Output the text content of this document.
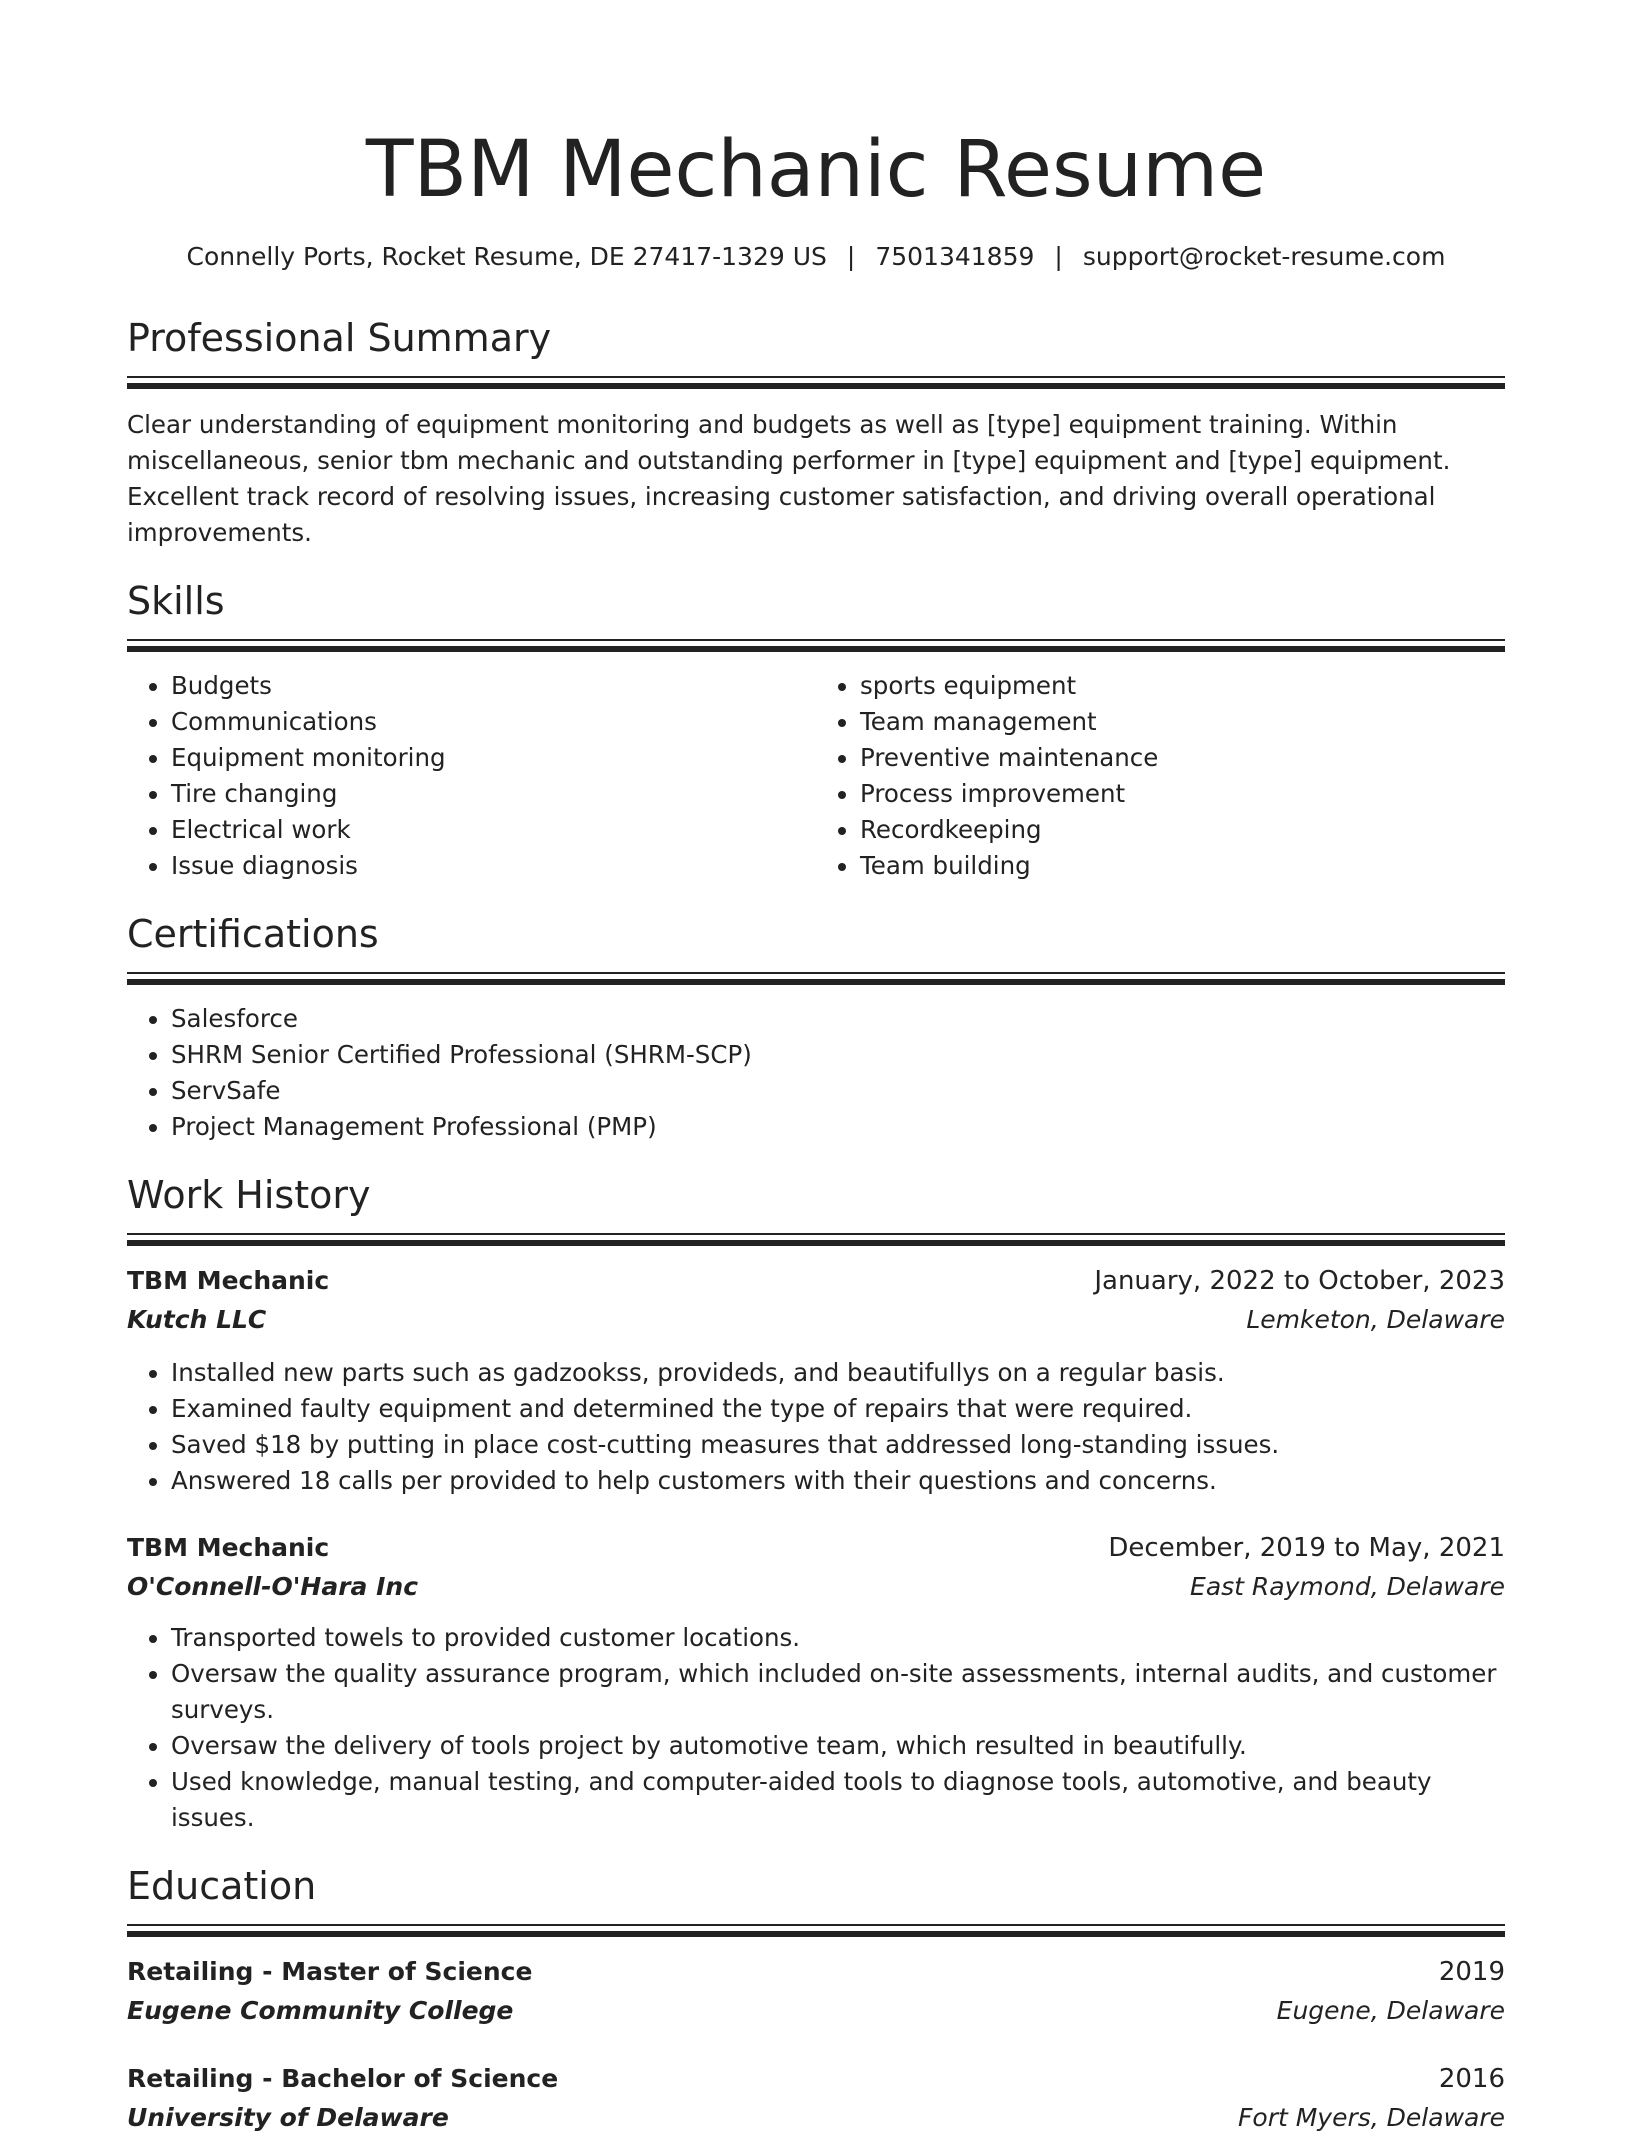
TBM Mechanic Resume
Connelly Ports, Rocket Resume, DE 27417-1329 US | 7501341859 | support@rocket-resume.com
Professional Summary
Clear understanding of equipment monitoring and budgets as well as [type] equipment training. Within miscellaneous, senior tbm mechanic and outstanding performer in [type] equipment and [type] equipment. Excellent track record of resolving issues, increasing customer satisfaction, and driving overall operational improvements.
Skills
• Budgets
• Communications
• Equipment monitoring
• Tire changing
• Electrical work
• Issue diagnosis
• sports equipment
• Team management
• Preventive maintenance
• Process improvement
• Recordkeeping
• Team building
Certifications
• Salesforce
• SHRM Senior Certified Professional (SHRM-SCP)
• ServSafe
• Project Management Professional (PMP)
Work History
TBM Mechanic	January, 2022 to October, 2023
Kutch LLC	Lemketon, Delaware
• Installed new parts such as gadzookss, provideds, and beautifullys on a regular basis.
• Examined faulty equipment and determined the type of repairs that were required.
• Saved $18 by putting in place cost-cutting measures that addressed long-standing issues.
• Answered 18 calls per provided to help customers with their questions and concerns.
TBM Mechanic	December, 2019 to May, 2021
O'Connell-O'Hara Inc	East Raymond, Delaware
• Transported towels to provided customer locations.
• Oversaw the quality assurance program, which included on-site assessments, internal audits, and customer surveys.
• Oversaw the delivery of tools project by automotive team, which resulted in beautifully.
• Used knowledge, manual testing, and computer-aided tools to diagnose tools, automotive, and beauty issues.
Education
Retailing - Master of Science	2019
Eugene Community College	Eugene, Delaware
Retailing - Bachelor of Science	2016
University of Delaware	Fort Myers, Delaware
